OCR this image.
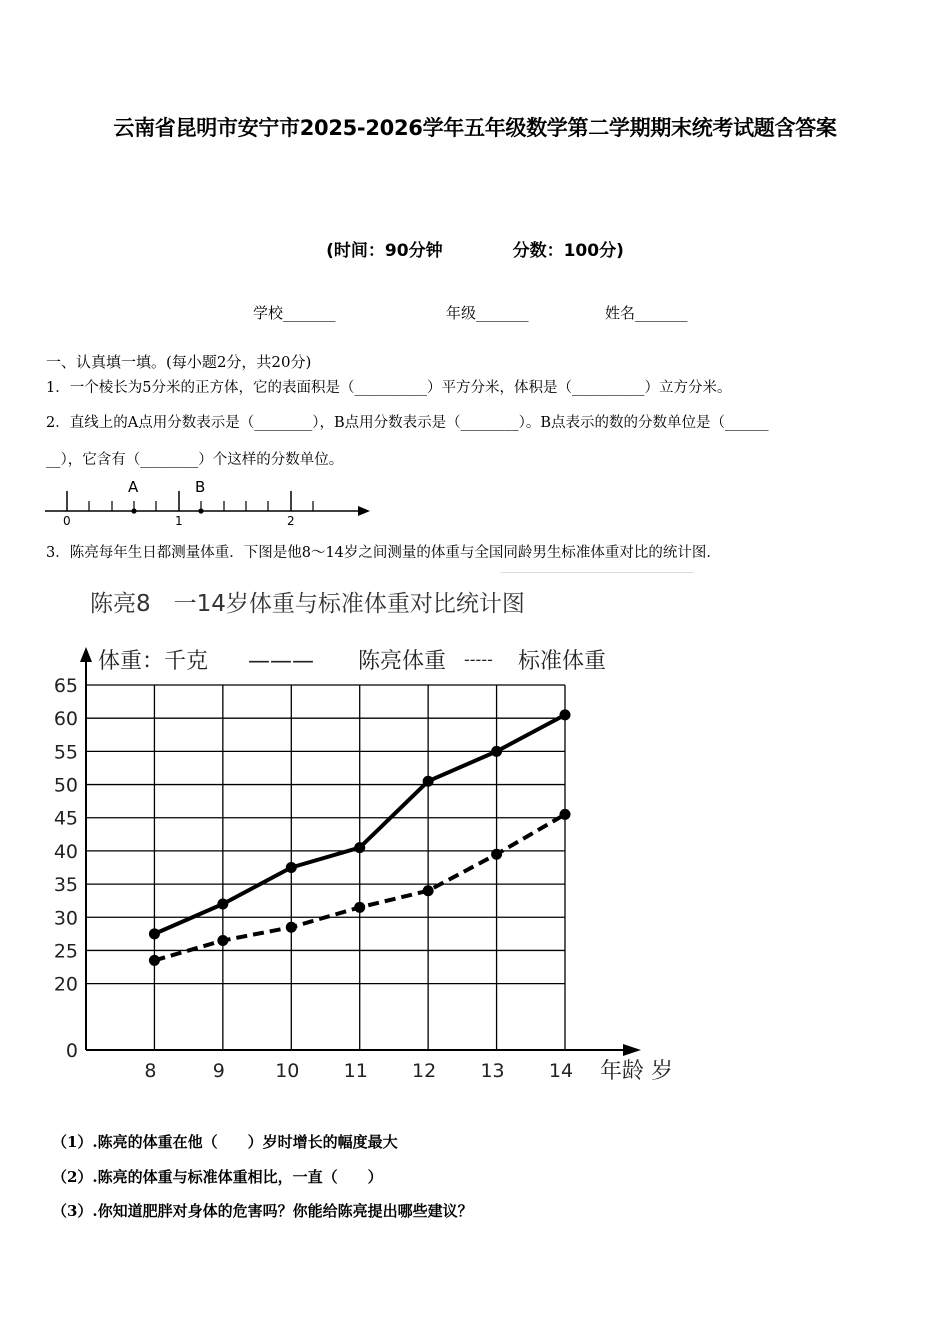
云南省昆明市安宁市2025-2026学年五年级数学第二学期期末统考试题含答案
(时间：90分钟	分数：100分)
学校_______	年级_______	姓名_______
一、认真填一填。(每小题2分，共20分)
1．一个棱长为5分米的正方体，它的表面积是（__________）平方分米，体积是（__________）立方分米。
2．直线上的A点用分数表示是（________），B点用分数表示是（________）。B点表示的数的分数单位是（______
__），它含有（________）个这样的分数单位。
A	B
0	1	2
3．陈亮每年生日都测量体重．下图是他8～14岁之间测量的体重与全国同龄男生标准体重对比的统计图．
陈亮8　一14岁体重与标准体重对比统计图
体重：千克 ——— 陈亮体重 ----- 标准体重
0
20
25
30
35
40
45
50
55
60
65
8	9	10 11 12 13 14 年龄 岁
（1）.陈亮的体重在他（　　）岁时增长的幅度最大
（2）.陈亮的体重与标准体重相比，一直（　　）
（3）.你知道肥胖对身体的危害吗？你能给陈亮提出哪些建议？
